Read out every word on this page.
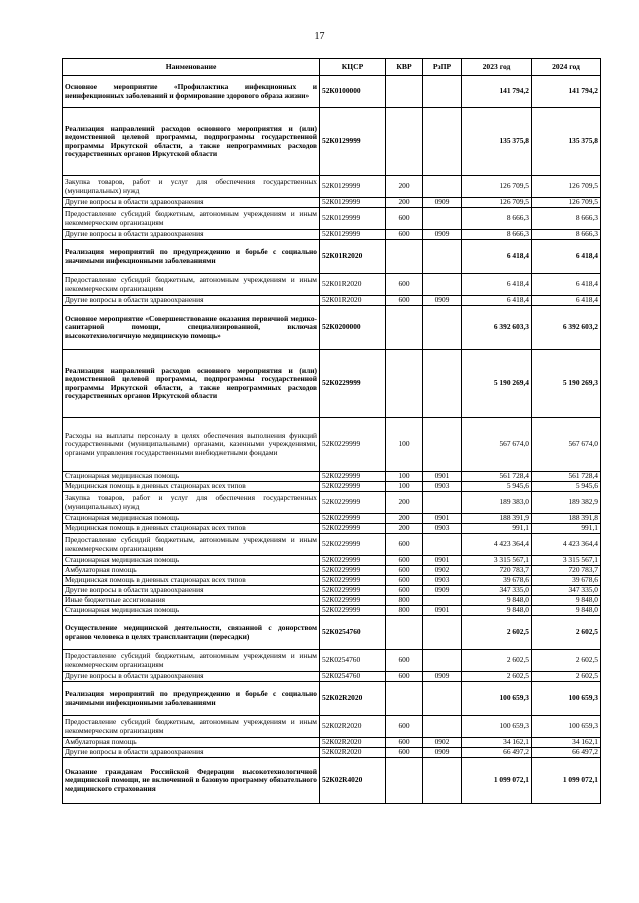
17
Наименование	КЦСР	КВР	РзПР	2023 год	2024 год
Основное мероприятие «Профилактика инфекционных и неинфекционных заболеваний и формирование здорового образа жизни»	52К0100000			141 794,2	141 794,2
Реализация направлений расходов основного мероприятия и (или) ведомственной целевой программы, подпрограммы государственной программы Иркутской области, а также непрограммных расходов государственных органов Иркутской области	52К0129999			135 375,8	135 375,8
Закупка товаров, работ и услуг для обеспечения государственных (муниципальных) нужд	52К0129999	200		126 709,5	126 709,5
Другие вопросы в области здравоохранения	52К0129999	200	0909	126 709,5	126 709,5
Предоставление субсидий бюджетным, автономным учреждениям и иным некоммерческим организациям	52К0129999	600		8 666,3	8 666,3
Другие вопросы в области здравоохранения	52К0129999	600	0909	8 666,3	8 666,3
Реализация мероприятий по предупреждению и борьбе с социально значимыми инфекционными заболеваниями	52К01R2020			6 418,4	6 418,4
Предоставление субсидий бюджетным, автономным учреждениям и иным некоммерческим организациям	52К01R2020	600		6 418,4	6 418,4
Другие вопросы в области здравоохранения	52К01R2020	600	0909	6 418,4	6 418,4
Основное мероприятие «Совершенствование оказания первичной медико-санитарной помощи, специализированной, включая высокотехнологичную медицинскую помощь»	52К0200000			6 392 603,3	6 392 603,2
Реализация направлений расходов основного мероприятия и (или) ведомственной целевой программы, подпрограммы государственной программы Иркутской области, а также непрограммных расходов государственных органов Иркутской области	52К0229999			5 190 269,4	5 190 269,3
Расходы на выплаты персоналу в целях обеспечения выполнения функций государственными (муниципальными) органами, казенными учреждениями, органами управления государственными внебюджетными фондами	52К0229999	100		567 674,0	567 674,0
Стационарная медицинская помощь	52К0229999	100	0901	561 728,4	561 728,4
Медицинская помощь в дневных стационарах всех типов	52К0229999	100	0903	5 945,6	5 945,6
Закупка товаров, работ и услуг для обеспечения государственных (муниципальных) нужд	52К0229999	200		189 383,0	189 382,9
Стационарная медицинская помощь	52К0229999	200	0901	188 391,9	188 391,8
Медицинская помощь в дневных стационарах всех типов	52К0229999	200	0903	991,1	991,1
Предоставление субсидий бюджетным, автономным учреждениям и иным некоммерческим организациям	52К0229999	600		4 423 364,4	4 423 364,4
Стационарная медицинская помощь	52К0229999	600	0901	3 315 567,1	3 315 567,1
Амбулаторная помощь	52К0229999	600	0902	720 783,7	720 783,7
Медицинская помощь в дневных стационарах всех типов	52К0229999	600	0903	39 678,6	39 678,6
Другие вопросы в области здравоохранения	52К0229999	600	0909	347 335,0	347 335,0
Иные бюджетные ассигнования	52К0229999	800		9 848,0	9 848,0
Стационарная медицинская помощь	52К0229999	800	0901	9 848,0	9 848,0
Осуществление медицинской деятельности, связанной с донорством органов человека в целях трансплантации (пересадки)	52К0254760			2 602,5	2 602,5
Предоставление субсидий бюджетным, автономным учреждениям и иным некоммерческим организациям	52К0254760	600		2 602,5	2 602,5
Другие вопросы в области здравоохранения	52К0254760	600	0909	2 602,5	2 602,5
Реализация мероприятий по предупреждению и борьбе с социально значимыми инфекционными заболеваниями	52К02R2020			100 659,3	100 659,3
Предоставление субсидий бюджетным, автономным учреждениям и иным некоммерческим организациям	52К02R2020	600		100 659,3	100 659,3
Амбулаторная помощь	52К02R2020	600	0902	34 162,1	34 162,1
Другие вопросы в области здравоохранения	52К02R2020	600	0909	66 497,2	66 497,2
Оказание гражданам Российской Федерации высокотехнологичной медицинской помощи, не включенной в базовую программу обязательного медицинского страхования	52К02R4020			1 099 072,1	1 099 072,1
